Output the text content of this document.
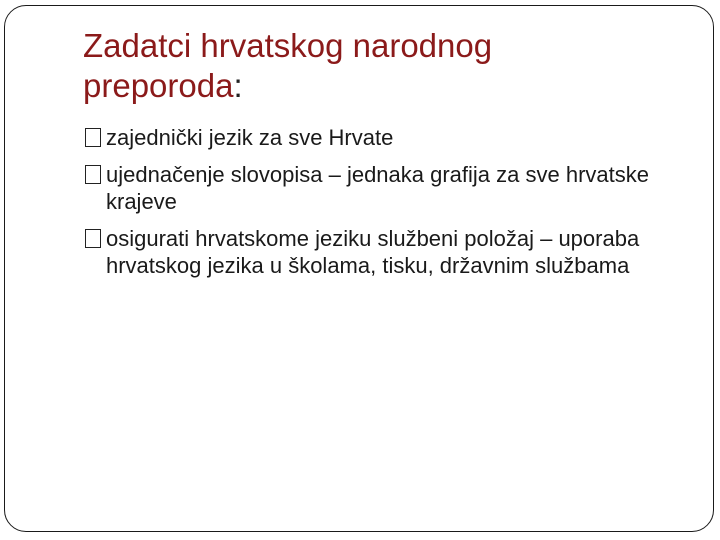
Zadatci hrvatskog narodnog preporoda:
zajednički jezik za sve Hrvate
ujednačenje slovopisa – jednaka grafija za sve hrvatske krajeve
osigurati hrvatskome jeziku službeni položaj – uporaba hrvatskog jezika u školama, tisku, državnim službama
